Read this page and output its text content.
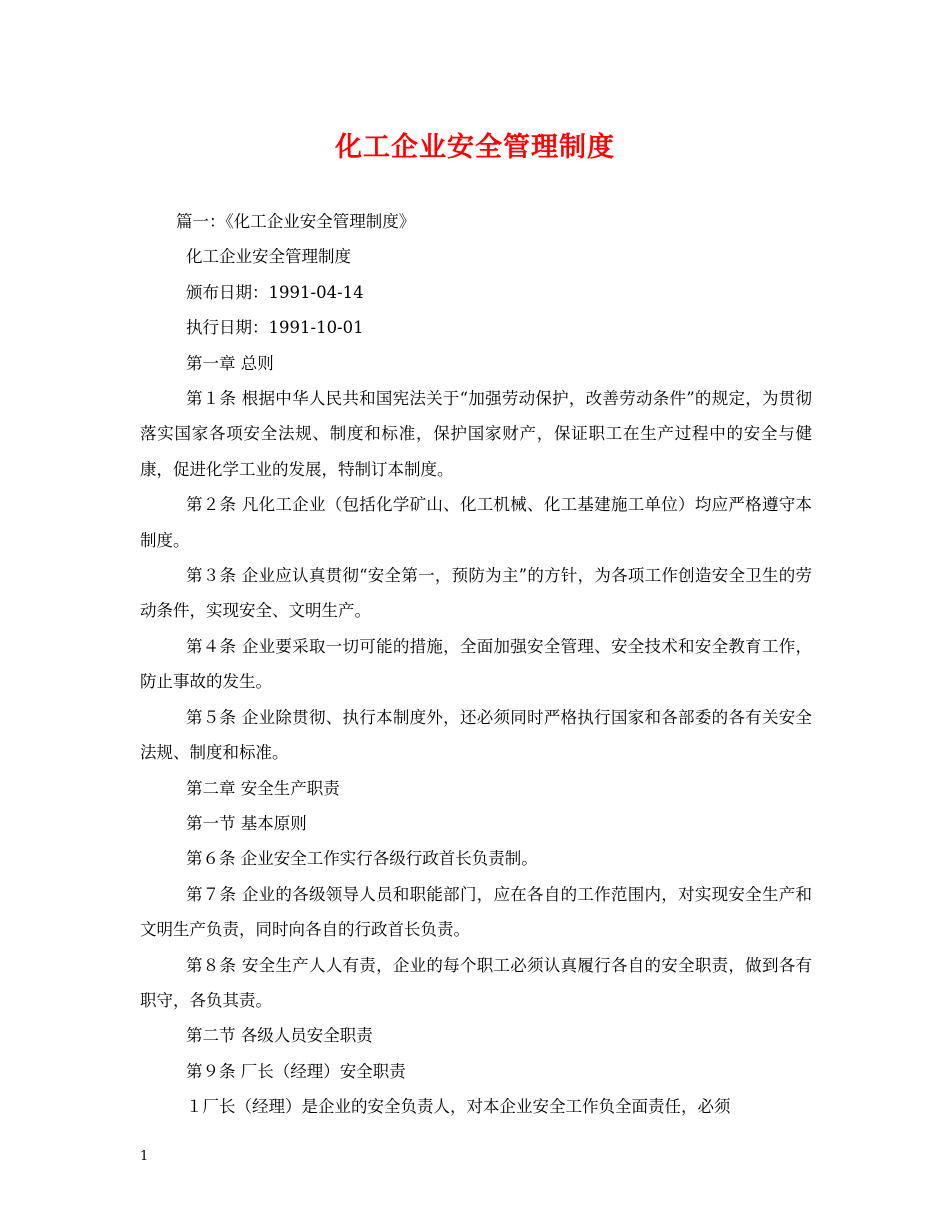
化工企业安全管理制度

篇一：《化工企业安全管理制度》

化工企业安全管理制度

颁布日期：1991-04-14

执行日期：1991-10-01

第一章 总则

第１条 根据中华人民共和国宪法关于“加强劳动保护，改善劳动条件”的规定，为贯彻落实国家各项安全法规、制度和标准，保护国家财产，保证职工在生产过程中的安全与健康，促进化学工业的发展，特制订本制度。

第２条 凡化工企业（包括化学矿山、化工机械、化工基建施工单位）均应严格遵守本制度。

第３条 企业应认真贯彻“安全第一，预防为主”的方针，为各项工作创造安全卫生的劳动条件，实现安全、文明生产。

第４条 企业要采取一切可能的措施，全面加强安全管理、安全技术和安全教育工作，防止事故的发生。

第５条 企业除贯彻、执行本制度外，还必须同时严格执行国家和各部委的各有关安全法规、制度和标准。

第二章 安全生产职责

第一节 基本原则

第６条 企业安全工作实行各级行政首长负责制。

第７条 企业的各级领导人员和职能部门，应在各自的工作范围内，对实现安全生产和文明生产负责，同时向各自的行政首长负责。

第８条 安全生产人人有责，企业的每个职工必须认真履行各自的安全职责，做到各有职守，各负其责。

第二节 各级人员安全职责

第９条 厂长（经理）安全职责

１厂长（经理）是企业的安全负责人，对本企业安全工作负全面责任，必须

1
